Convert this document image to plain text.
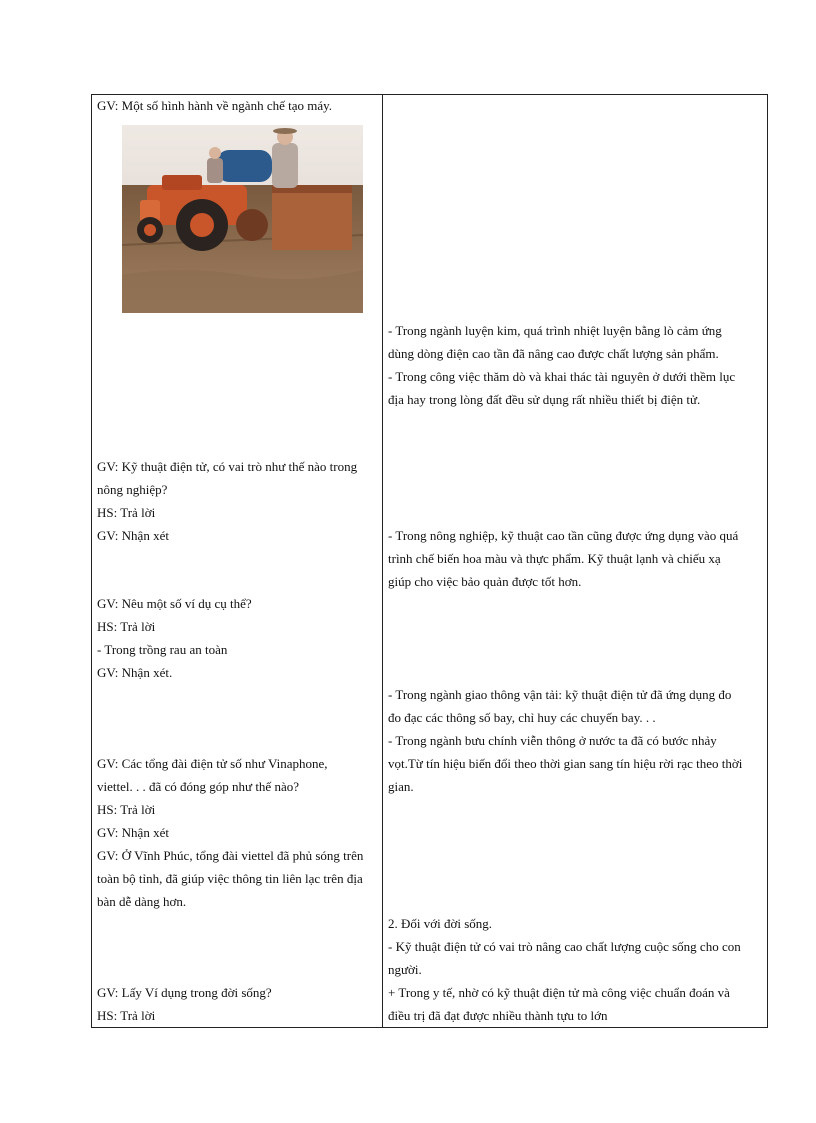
GV: Một số hình hành về ngành chế tạo máy.
GV: Kỹ thuật điện tử, có vai trò như thế nào trong
nông nghiệp?
HS: Trả lời
GV: Nhận xét
GV: Nêu một số ví dụ cụ thể?
HS: Trả lời
- Trong trồng rau an toàn
GV: Nhận xét.
GV: Các tổng đài điện tử số như Vinaphone,
viettel. . . đã có đóng góp như thế nào?
HS: Trả lời
GV: Nhận xét
GV: Ở Vĩnh Phúc, tổng đài viettel đã phủ sóng trên
toàn bộ tỉnh, đã giúp việc thông tin liên lạc trên địa
bàn dễ dàng hơn.
GV: Lấy Ví dụng trong đời sống?
HS: Trả lời
- Trong ngành luyện kim, quá trình nhiệt luyện bằng lò cảm ứng
dùng dòng điện cao tần đã nâng cao được chất lượng sản phẩm.
- Trong công việc thăm dò và khai thác tài nguyên ở dưới thềm lục
địa hay trong lòng đất đều sử dụng rất nhiều thiết bị điện tử.
- Trong nông nghiệp, kỹ thuật cao tần cũng được ứng dụng vào quá
trình chế biến hoa màu và thực phẩm. Kỹ thuật lạnh và chiếu xạ
giúp cho việc bảo quản được tốt hơn.
- Trong ngành giao thông vận tải: kỹ thuật điện tử đã ứng dụng đo
đo đạc các thông số bay, chỉ huy các chuyến bay. . .
- Trong ngành bưu chính viễn thông ở nước ta đã có bước nhảy
vọt.Từ tín hiệu biến đổi theo thời gian sang tín hiệu rời rạc theo thời
gian.
2. Đối với đời sống.
- Kỹ thuật điện tử có vai trò nâng cao chất lượng cuộc sống cho con
người.
+ Trong y tế, nhờ có kỹ thuật điện tử mà công việc chuẩn đoán và
điều trị đã đạt được nhiều thành tựu to lớn
